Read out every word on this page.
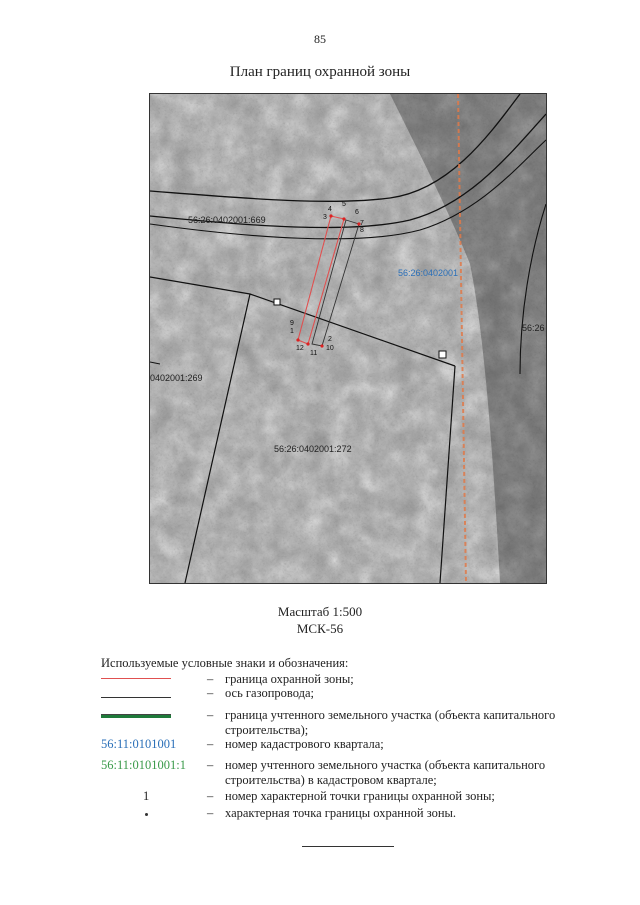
85
План границ охранной зоны
56:26:0402001:669
56:26:0402001
56:26
0402001:269
56:26:0402001:272
5
4
3
6
7
8
9
1
12
11
10
2
Масштаб 1:500
МСК-56
Используемые условные знаки и обозначения:
– граница охранной зоны;
– ось газопровода;
– граница учтенного земельного участка (объекта капитального строительства);
56:11:0101001	– номер кадастрового квартала;
56:11:0101001:1	– номер учтенного земельного участка (объекта капитального строительства) в кадастровом квартале;
1	– номер характерной точки границы охранной зоны;
– характерная точка границы охранной зоны.
